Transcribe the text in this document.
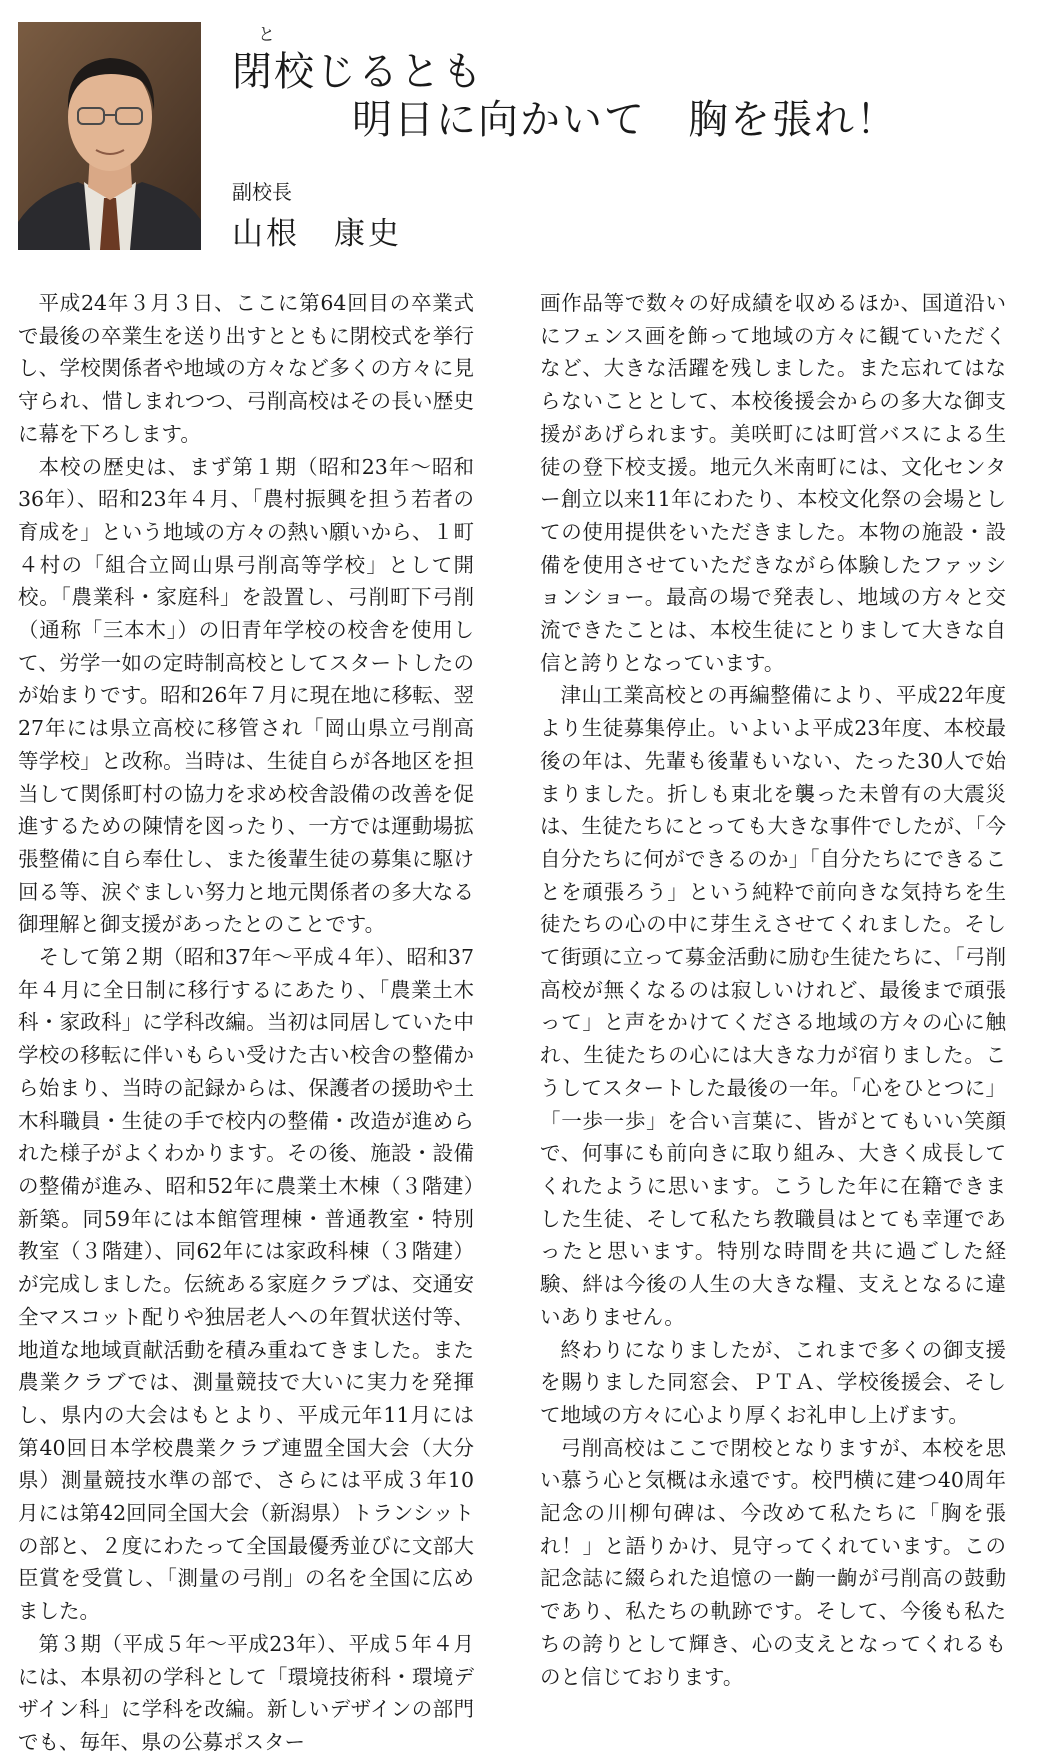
と
閉校じるとも
明日に向かいて　胸を張れ！
副校長
山根　康史

平成24年３月３日、ここに第64回目の卒業式で最後の卒業生を送り出すとともに閉校式を挙行し、学校関係者や地域の方々など多くの方々に見守られ、惜しまれつつ、弓削高校はその長い歴史に幕を下ろします。

本校の歴史は、まず第１期（昭和23年～昭和36年）、昭和23年４月、「農村振興を担う若者の育成を」という地域の方々の熱い願いから、１町４村の「組合立岡山県弓削高等学校」として開校。「農業科・家庭科」を設置し、弓削町下弓削（通称「三本木」）の旧青年学校の校舎を使用して、労学一如の定時制高校としてスタートしたのが始まりです。昭和26年７月に現在地に移転、翌27年には県立高校に移管され「岡山県立弓削高等学校」と改称。当時は、生徒自らが各地区を担当して関係町村の協力を求め校舎設備の改善を促進するための陳情を図ったり、一方では運動場拡張整備に自ら奉仕し、また後輩生徒の募集に駆け回る等、涙ぐましい努力と地元関係者の多大なる御理解と御支援があったとのことです。

そして第２期（昭和37年～平成４年）、昭和37年４月に全日制に移行するにあたり、「農業土木科・家政科」に学科改編。当初は同居していた中学校の移転に伴いもらい受けた古い校舎の整備から始まり、当時の記録からは、保護者の援助や土木科職員・生徒の手で校内の整備・改造が進められた様子がよくわかります。その後、施設・設備の整備が進み、昭和52年に農業土木棟（３階建）新築。同59年には本館管理棟・普通教室・特別教室（３階建）、同62年には家政科棟（３階建）が完成しました。伝統ある家庭クラブは、交通安全マスコット配りや独居老人への年賀状送付等、地道な地域貢献活動を積み重ねてきました。また農業クラブでは、測量競技で大いに実力を発揮し、県内の大会はもとより、平成元年11月には第40回日本学校農業クラブ連盟全国大会（大分県）測量競技水準の部で、さらには平成３年10月には第42回同全国大会（新潟県）トランシットの部と、２度にわたって全国最優秀並びに文部大臣賞を受賞し、「測量の弓削」の名を全国に広めました。

第３期（平成５年～平成23年）、平成５年４月には、本県初の学科として「環境技術科・環境デザイン科」に学科を改編。新しいデザインの部門でも、毎年、県の公募ポスター

画作品等で数々の好成績を収めるほか、国道沿いにフェンス画を飾って地域の方々に観ていただくなど、大きな活躍を残しました。また忘れてはならないこととして、本校後援会からの多大な御支援があげられます。美咲町には町営バスによる生徒の登下校支援。地元久米南町には、文化センター創立以来11年にわたり、本校文化祭の会場としての使用提供をいただきました。本物の施設・設備を使用させていただきながら体験したファッションショー。最高の場で発表し、地域の方々と交流できたことは、本校生徒にとりまして大きな自信と誇りとなっています。

津山工業高校との再編整備により、平成22年度より生徒募集停止。いよいよ平成23年度、本校最後の年は、先輩も後輩もいない、たった30人で始まりました。折しも東北を襲った未曾有の大震災は、生徒たちにとっても大きな事件でしたが、「今自分たちに何ができるのか」「自分たちにできることを頑張ろう」という純粋で前向きな気持ちを生徒たちの心の中に芽生えさせてくれました。そして街頭に立って募金活動に励む生徒たちに、「弓削高校が無くなるのは寂しいけれど、最後まで頑張って」と声をかけてくださる地域の方々の心に触れ、生徒たちの心には大きな力が宿りました。こうしてスタートした最後の一年。「心をひとつに」「一歩一歩」を合い言葉に、皆がとてもいい笑顔で、何事にも前向きに取り組み、大きく成長してくれたように思います。こうした年に在籍できました生徒、そして私たち教職員はとても幸運であったと思います。特別な時間を共に過ごした経験、絆は今後の人生の大きな糧、支えとなるに違いありません。

終わりになりましたが、これまで多くの御支援を賜りました同窓会、ＰＴＡ、学校後援会、そして地域の方々に心より厚くお礼申し上げます。

弓削高校はここで閉校となりますが、本校を思い慕う心と気概は永遠です。校門横に建つ40周年記念の川柳句碑は、今改めて私たちに「胸を張れ！」と語りかけ、見守ってくれています。この記念誌に綴られた追憶の一齣一齣が弓削高の鼓動であり、私たちの軌跡です。そして、今後も私たちの誇りとして輝き、心の支えとなってくれるものと信じております。
